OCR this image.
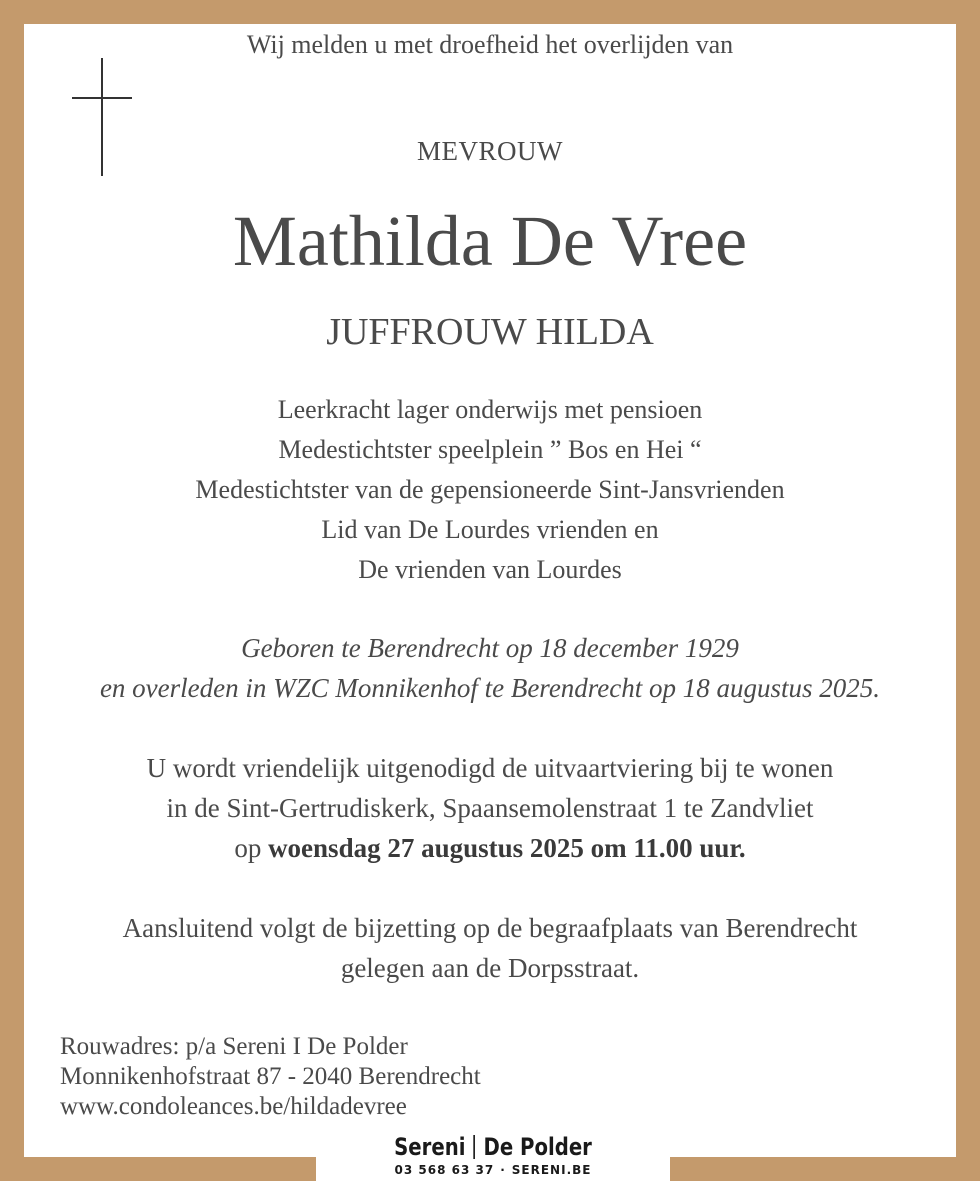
Wij melden u met droefheid het overlijden van
MEVROUW
Mathilda De Vree
JUFFROUW HILDA
Leerkracht lager onderwijs met pensioen
Medestichtster speelplein ” Bos en Hei “
Medestichtster van de gepensioneerde Sint-Jansvrienden
Lid van De Lourdes vrienden en
De vrienden van Lourdes
Geboren te Berendrecht op 18 december 1929
en overleden in WZC Monnikenhof te Berendrecht op 18 augustus 2025.
U wordt vriendelijk uitgenodigd de uitvaartviering bij te wonen
in de Sint-Gertrudiskerk, Spaansemolenstraat 1 te Zandvliet
op woensdag 27 augustus 2025 om 11.00 uur.
Aansluitend volgt de bijzetting op de begraafplaats van Berendrecht
gelegen aan de Dorpsstraat.
Rouwadres: p/a Sereni I De Polder
Monnikenhofstraat 87 - 2040 Berendrecht
www.condoleances.be/hildadevree
Sereni De Polder
03 568 63 37 · SERENI.BE
